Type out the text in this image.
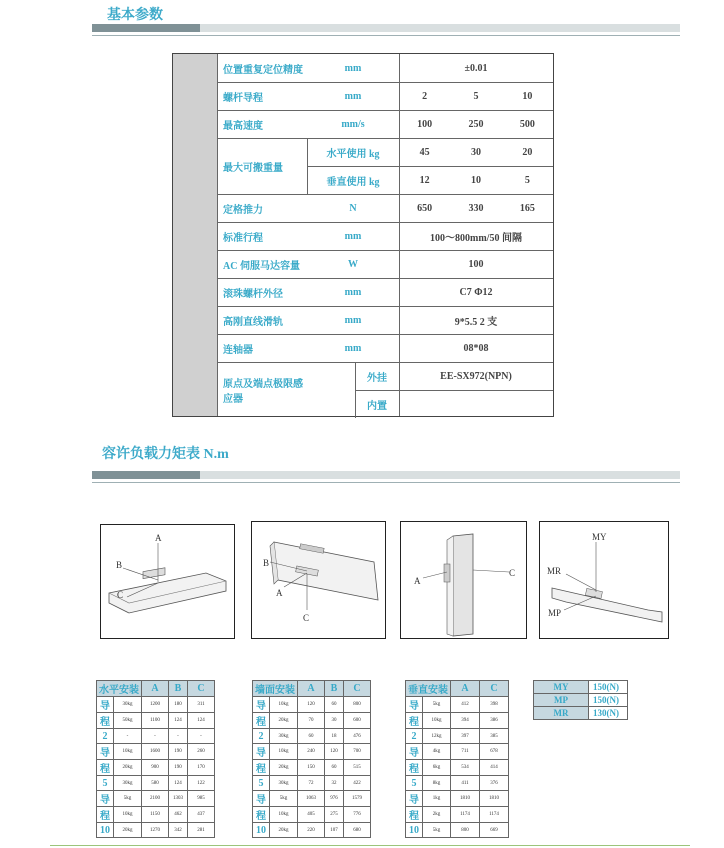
基本参数
位置重复定位精度	mm	±0.01
螺杆导程	mm	2	5	10
最高速度	mm/s	100	250	500
最大可搬重量
水平使用 kg	45	30	20
垂直使用 kg	12	10	5
定格推力	N	650	330	165
标准行程	mm	100～800mm/50 间隔
AC 伺服马达容量	W	100
滚珠螺杆外径	mm	C7 Φ12
高刚直线滑轨	mm	9*5.5 2 支
连轴器	mm	08*08
原点及端点极限感应器
外挂	EE-SX972(NPN)
内置
容许负载力矩表 N.m
A
B
C
B
A
C
A
C
MY
MR
MP
水平安装		A	B	C
导	30kg	1200	180	311
程	50kg	1100	124	124
2	-	-	-	-
导	10kg	1600	190	260
程	20kg	900	190	170
5	30kg	580	124	122
导	5kg	2100	1303	985
程	10kg	1150	462	437
10	20kg	1270	342	281
墙面安装		A	B	C
导	10kg	120	60	800
程	20kg	70	30	600
2	30kg	60	18	476
导	10kg	240	120	700
程	20kg	150	60	515
5	30kg	72	32	422
导	5kg	1063	976	1579
程	10kg	405	275	776
10	20kg	220	107	680
垂直安装		A	C
导	5kg	412	398
程	10kg	394	386
2	12kg	397	385
导	4kg	711	678
程	6kg	534	414
5	8kg	411	376
导	1kg	1810	1810
程	2kg	1174	1174
10	5kg	800	669
MY	150(N)
MP	150(N)
MR	130(N)
